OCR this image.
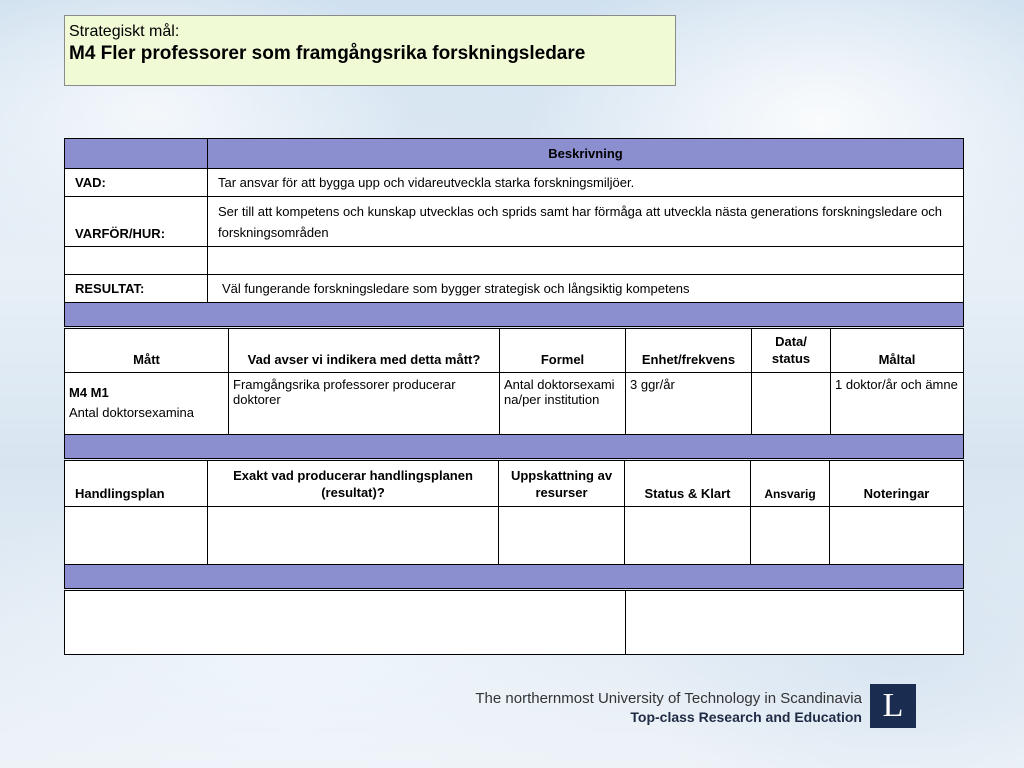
Strategiskt mål:
M4 Fler professorer som framgångsrika forskningsledare
	Beskrivning
VAD:	Tar ansvar för att bygga upp och vidareutveckla starka forskningsmiljöer.
VARFÖR/HUR:	Ser till att kompetens och kunskap utvecklas och sprids samt har förmåga att utveckla nästa generations forskningsledare och forskningsområden

RESULTAT:	Väl fungerande forskningsledare som bygger strategisk och långsiktig kompetens

Mått	Vad avser vi indikera med detta mått?	Formel	Enhet/frekvens	Data/ status	Måltal

M4 M1
Antal doktorsexamina	Framgångsrika professorer producerar doktorer	Antal doktorsexamina/per institution	3 ggr/år		1 doktor/år och ämne

Handlingsplan	Exakt vad producerar handlingsplanen (resultat)?	Uppskattning av resurser	Status & Klart	Ansvarig	Noteringar

The northernmost University of Technology in Scandinavia
Top-class Research and Education L
